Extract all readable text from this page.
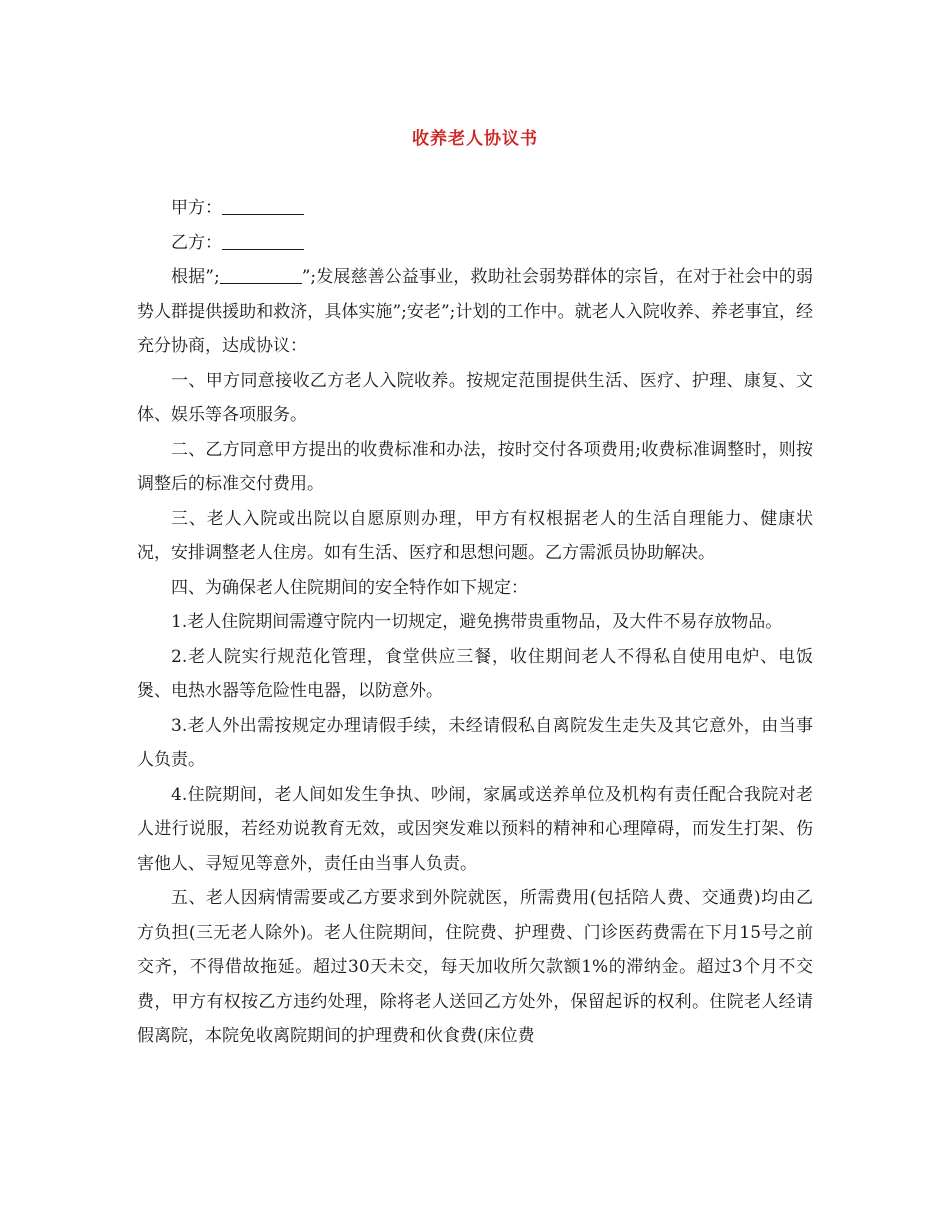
收养老人协议书

甲方：

乙方：

根据”;	”;发展慈善公益事业，救助社会弱势群体的宗旨，在对于社会中的弱势人群提供援助和救济，具体实施”;安老”;计划的工作中。就老人入院收养、养老事宜，经充分协商，达成协议：

一、甲方同意接收乙方老人入院收养。按规定范围提供生活、医疗、护理、康复、文体、娱乐等各项服务。

二、乙方同意甲方提出的收费标准和办法，按时交付各项费用;收费标准调整时，则按调整后的标准交付费用。

三、老人入院或出院以自愿原则办理，甲方有权根据老人的生活自理能力、健康状况，安排调整老人住房。如有生活、医疗和思想问题。乙方需派员协助解决。

四、为确保老人住院期间的安全特作如下规定：

1.老人住院期间需遵守院内一切规定，避免携带贵重物品，及大件不易存放物品。

2.老人院实行规范化管理，食堂供应三餐，收住期间老人不得私自使用电炉、电饭煲、电热水器等危险性电器，以防意外。

3.老人外出需按规定办理请假手续，未经请假私自离院发生走失及其它意外，由当事人负责。

4.住院期间，老人间如发生争执、吵闹，家属或送养单位及机构有责任配合我院对老人进行说服，若经劝说教育无效，或因突发难以预料的精神和心理障碍，而发生打架、伤害他人、寻短见等意外，责任由当事人负责。

五、老人因病情需要或乙方要求到外院就医，所需费用(包括陪人费、交通费)均由乙方负担(三无老人除外)。老人住院期间，住院费、护理费、门诊医药费需在下月15号之前交齐，不得借故拖延。超过30天未交，每天加收所欠款额1%的滞纳金。超过3个月不交费，甲方有权按乙方违约处理，除将老人送回乙方处外，保留起诉的权利。住院老人经请假离院，本院免收离院期间的护理费和伙食费(床位费
